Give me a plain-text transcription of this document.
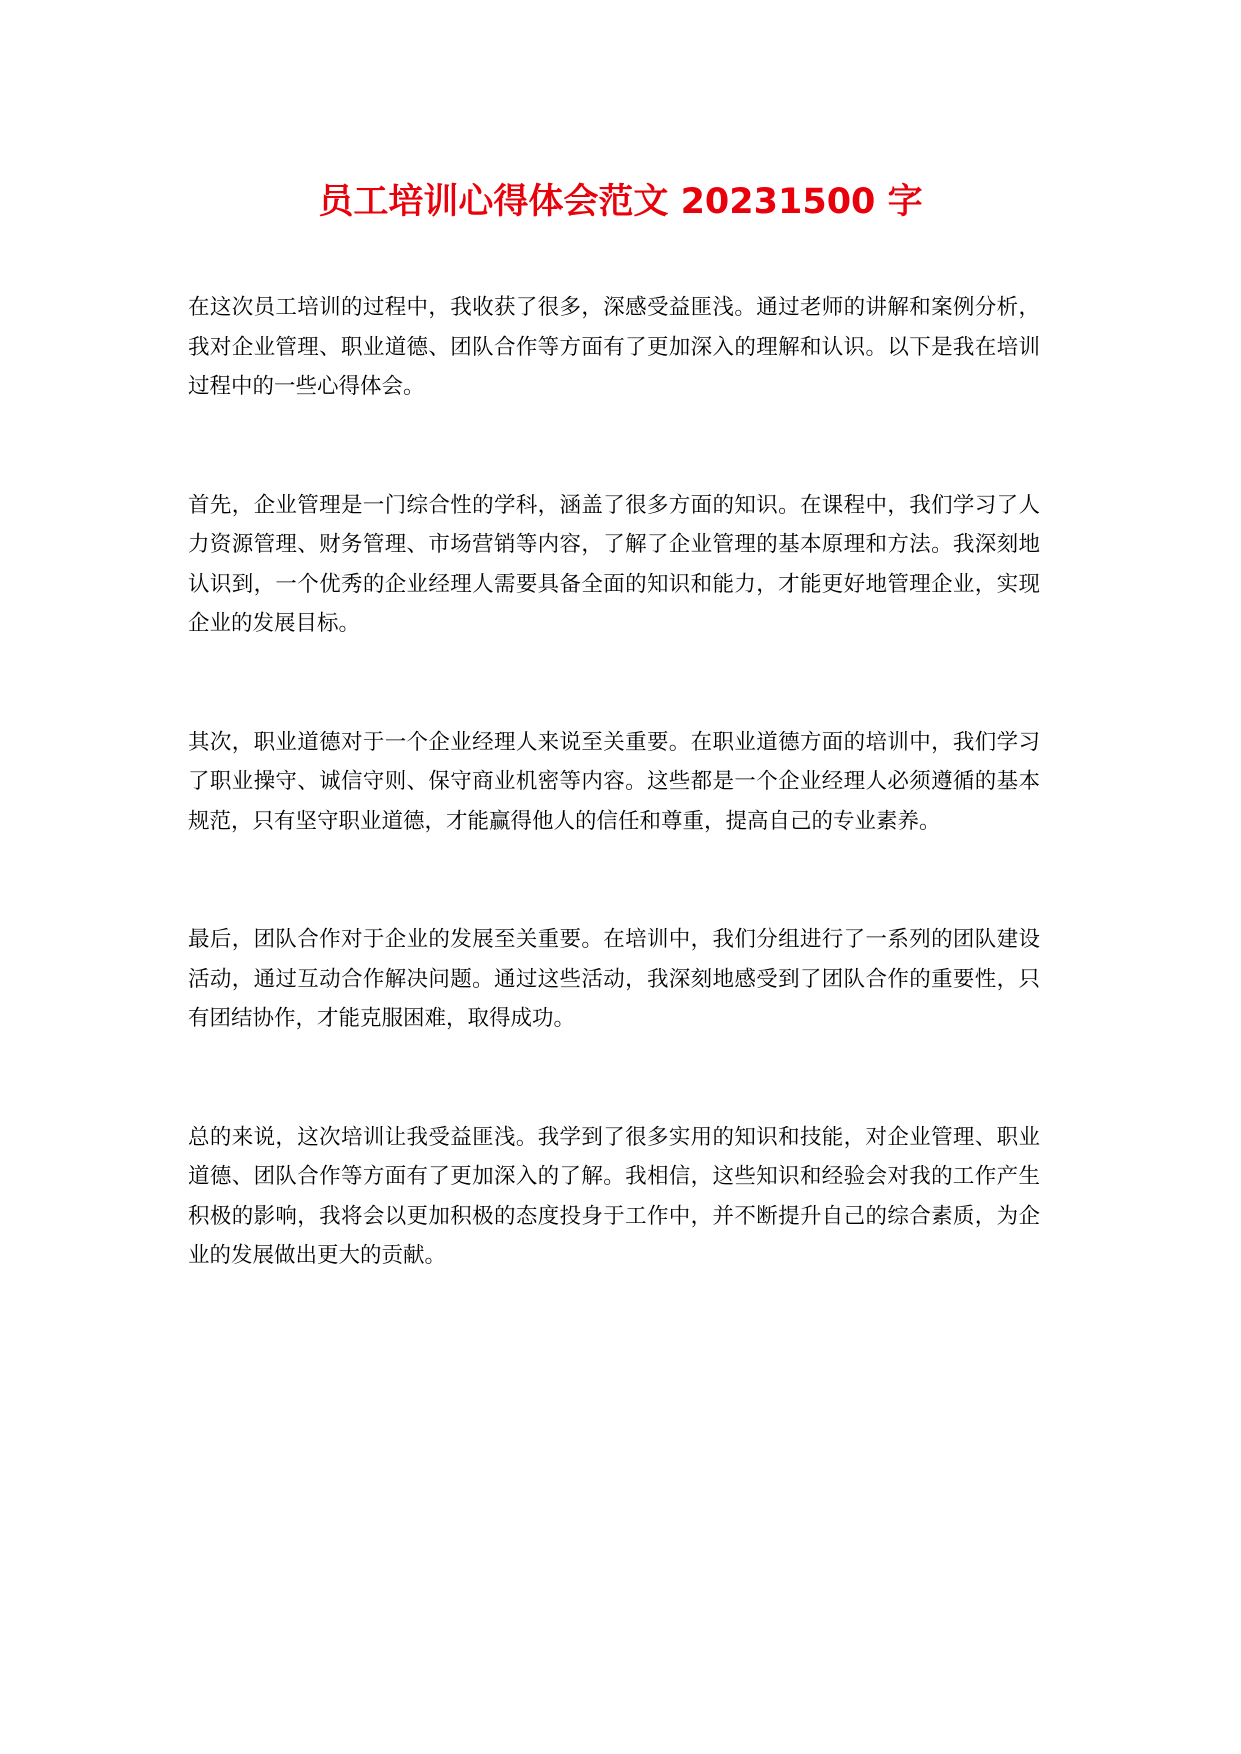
员工培训心得体会范文 20231500 字

在这次员工培训的过程中，我收获了很多，深感受益匪浅。通过老师的讲解和案例分析，我对企业管理、职业道德、团队合作等方面有了更加深入的理解和认识。以下是我在培训过程中的一些心得体会。

首先，企业管理是一门综合性的学科，涵盖了很多方面的知识。在课程中，我们学习了人力资源管理、财务管理、市场营销等内容，了解了企业管理的基本原理和方法。我深刻地认识到，一个优秀的企业经理人需要具备全面的知识和能力，才能更好地管理企业，实现企业的发展目标。

其次，职业道德对于一个企业经理人来说至关重要。在职业道德方面的培训中，我们学习了职业操守、诚信守则、保守商业机密等内容。这些都是一个企业经理人必须遵循的基本规范，只有坚守职业道德，才能赢得他人的信任和尊重，提高自己的专业素养。

最后，团队合作对于企业的发展至关重要。在培训中，我们分组进行了一系列的团队建设活动，通过互动合作解决问题。通过这些活动，我深刻地感受到了团队合作的重要性，只有团结协作，才能克服困难，取得成功。

总的来说，这次培训让我受益匪浅。我学到了很多实用的知识和技能，对企业管理、职业道德、团队合作等方面有了更加深入的了解。我相信，这些知识和经验会对我的工作产生积极的影响，我将会以更加积极的态度投身于工作中，并不断提升自己的综合素质，为企业的发展做出更大的贡献。
